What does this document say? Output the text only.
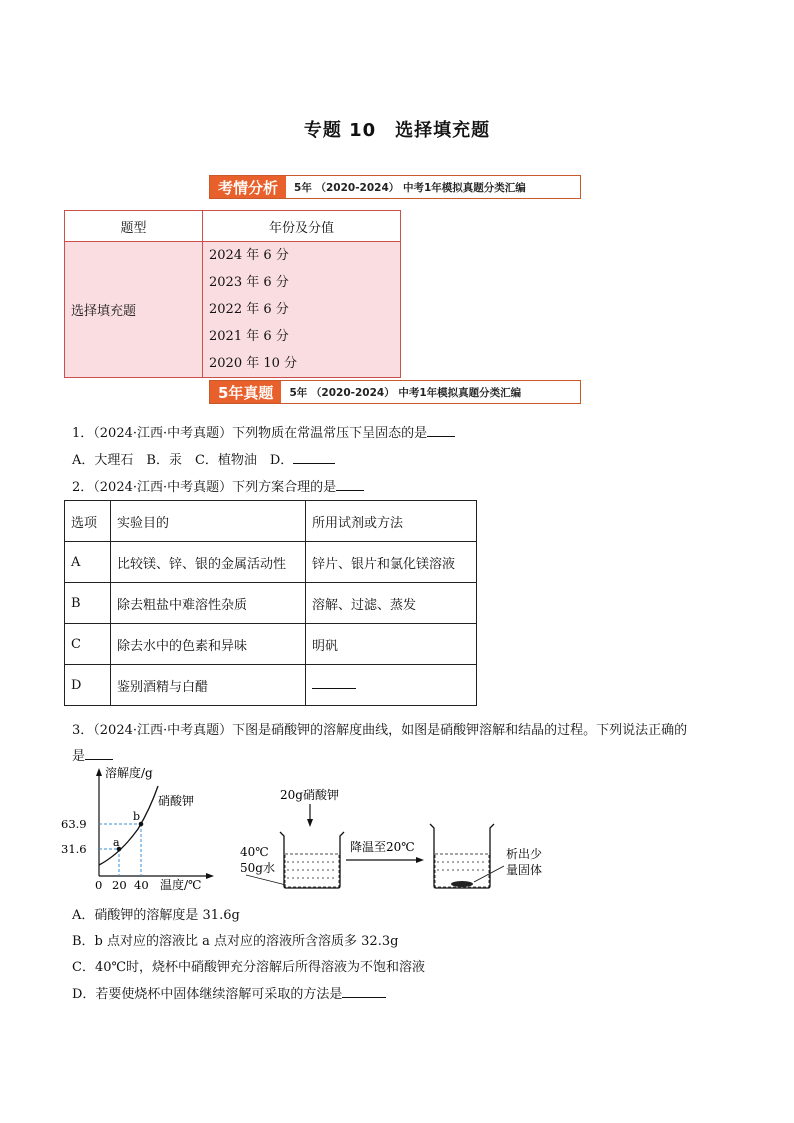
专题 10　选择填充题
考情分析	5年 （2020-2024） 中考1年模拟真题分类汇编
题型	年份及分值
选择填充题	2024 年 6 分
2023 年 6 分
2022 年 6 分
2021 年 6 分
2020 年 10 分
5年真题	5年 （2020-2024） 中考1年模拟真题分类汇编
1．（2024·江西·中考真题）下列物质在常温常压下呈固态的是
A．大理石　B．汞　C．植物油　D．
2．（2024·江西·中考真题）下列方案合理的是
选项	实验目的	所用试剂或方法
A	比较镁、锌、银的金属活动性	锌片、银片和氯化镁溶液
B	除去粗盐中难溶性杂质	溶解、过滤、蒸发
C	除去水中的色素和异味	明矾
D	鉴别酒精与白醋	
3．（2024·江西·中考真题）下图是硝酸钾的溶解度曲线，如图是硝酸钾溶解和结晶的过程。下列说法正确的
是
溶解度/g
硝酸钾
63.9
31.6 a
b
0 20 40 温度/℃
20g硝酸钾
40℃
50g水
降温至20℃	析出少
量固体
A．硝酸钾的溶解度是 31.6g
B．b 点对应的溶液比 a 点对应的溶液所含溶质多 32.3g
C．40℃时，烧杯中硝酸钾充分溶解后所得溶液为不饱和溶液
D．若要使烧杯中固体继续溶解可采取的方法是
